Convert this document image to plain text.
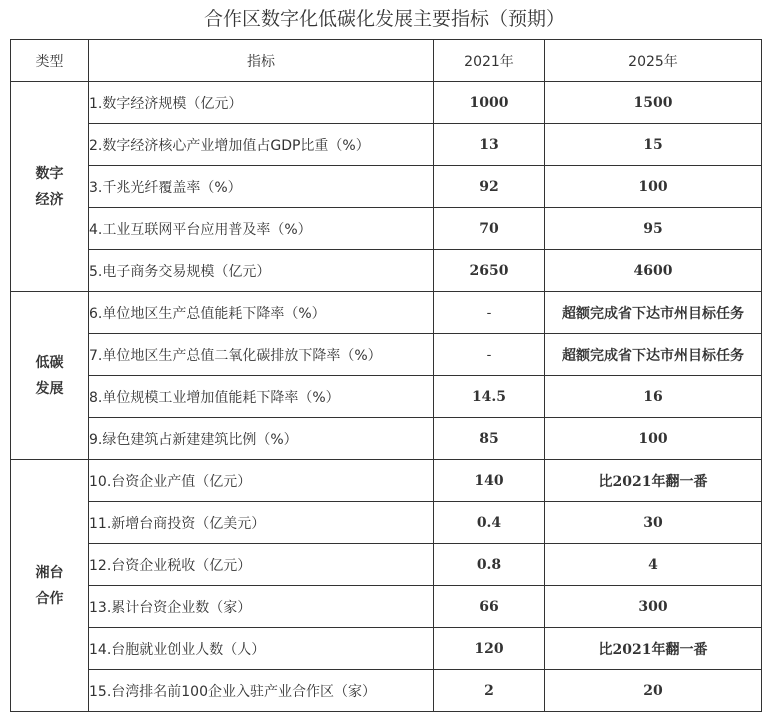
合作区数字化低碳化发展主要指标（预期）
类型	指标	2021年	2025年

数字
经济	1.数字经济规模（亿元）	1000	1500
	2.数字经济核心产业增加值占GDP比重（%）	13	15
	3.千兆光纤覆盖率（%）	92	100
	4.工业互联网平台应用普及率（%）	70	95
	5.电子商务交易规模（亿元）	2650	4600

低碳
发展	6.单位地区生产总值能耗下降率（%）	-	超额完成省下达市州目标任务
	7.单位地区生产总值二氧化碳排放下降率（%）	-	超额完成省下达市州目标任务
	8.单位规模工业增加值能耗下降率（%）	14.5	16
	9.绿色建筑占新建建筑比例（%）	85	100

湘台
合作	10.台资企业产值（亿元）	140	比2021年翻一番
	11.新增台商投资（亿美元）	0.4	30
	12.台资企业税收（亿元）	0.8	4
	13.累计台资企业数（家）	66	300
	14.台胞就业创业人数（人）	120	比2021年翻一番
	15.台湾排名前100企业入驻产业合作区（家）	2	20
